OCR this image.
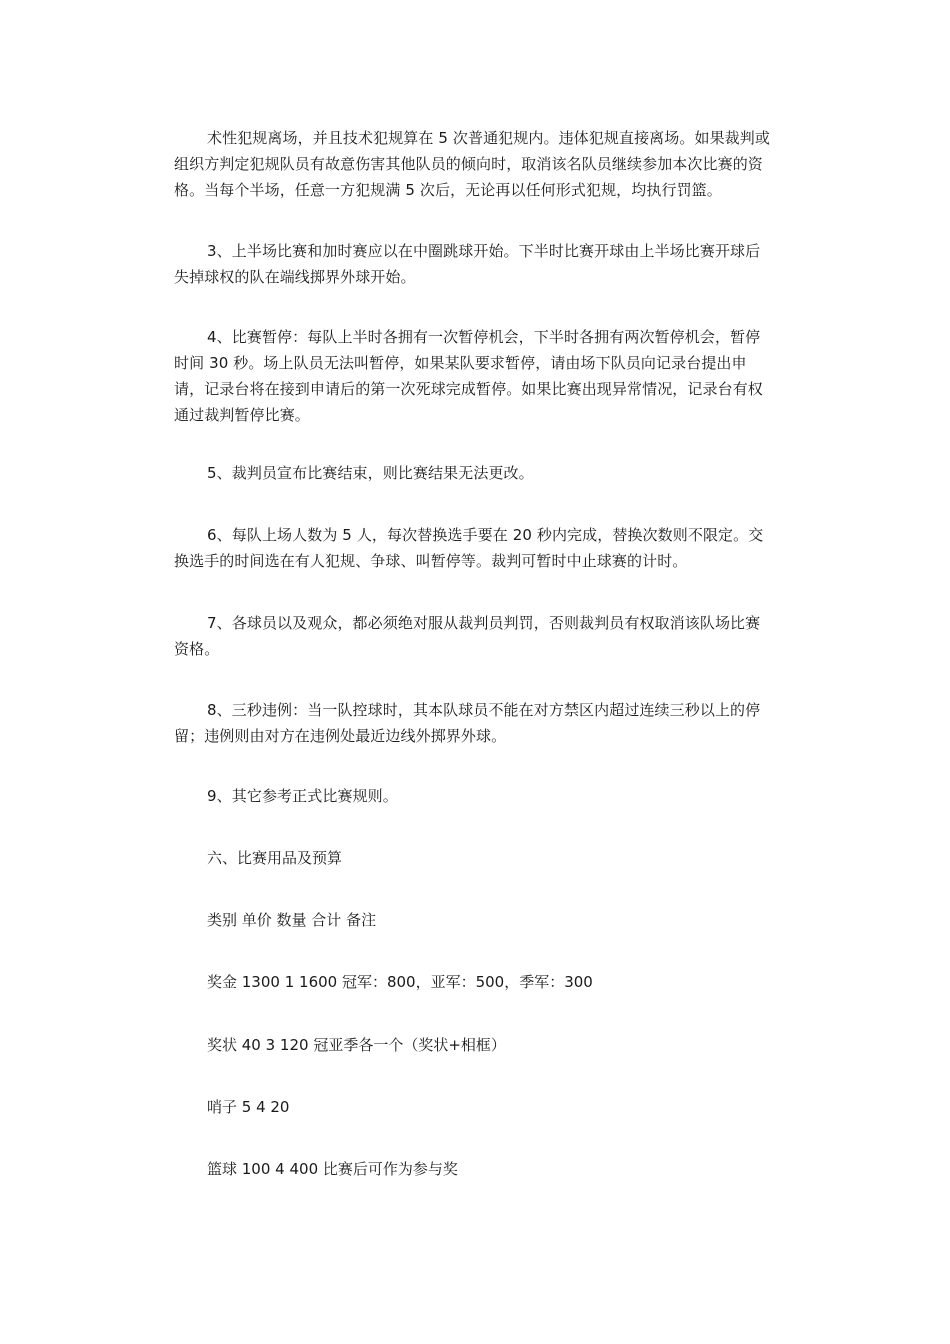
术性犯规离场，并且技术犯规算在 5 次普通犯规内。违体犯规直接离场。如果裁判或组织方判定犯规队员有故意伤害其他队员的倾向时，取消该名队员继续参加本次比赛的资格。当每个半场，任意一方犯规满 5 次后，无论再以任何形式犯规，均执行罚篮。

3、上半场比赛和加时赛应以在中圈跳球开始。下半时比赛开球由上半场比赛开球后失掉球权的队在端线掷界外球开始。

4、比赛暂停：每队上半时各拥有一次暂停机会，下半时各拥有两次暂停机会，暂停时间 30 秒。场上队员无法叫暂停，如果某队要求暂停，请由场下队员向记录台提出申请，记录台将在接到申请后的第一次死球完成暂停。如果比赛出现异常情况，记录台有权通过裁判暂停比赛。

5、裁判员宣布比赛结束，则比赛结果无法更改。

6、每队上场人数为 5 人，每次替换选手要在 20 秒内完成，替换次数则不限定。交换选手的时间选在有人犯规、争球、叫暂停等。裁判可暂时中止球赛的计时。

7、各球员以及观众，都必须绝对服从裁判员判罚，否则裁判员有权取消该队场比赛资格。

8、三秒违例：当一队控球时，其本队球员不能在对方禁区内超过连续三秒以上的停留；违例则由对方在违例处最近边线外掷界外球。

9、其它参考正式比赛规则。

六、比赛用品及预算

类别 单价 数量 合计 备注

奖金 1300 1 1600 冠军：800，亚军：500，季军：300

奖状 40 3 120 冠亚季各一个（奖状+相框）

哨子 5 4 20

篮球 100 4 400 比赛后可作为参与奖
